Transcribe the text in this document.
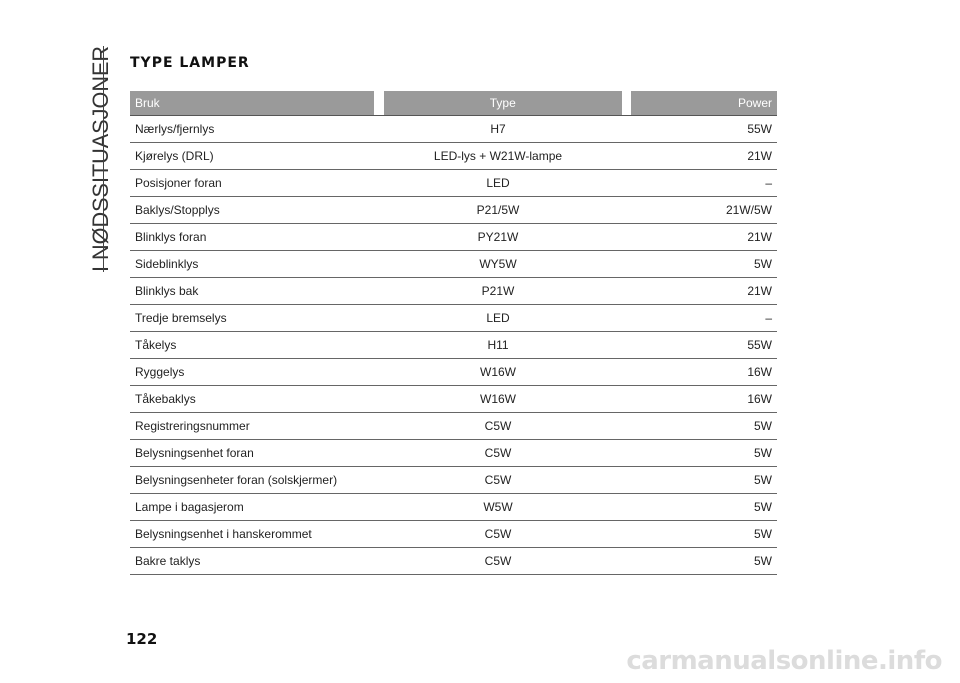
I NØDSSITUASJONER TYPE LAMPER
Bruk		Type		Power
Nærlys/fjernlys	H7		55W	
Kjørelys (DRL)	LED-lys + W21W-lampe		21W	
Posisjoner foran	LED		–	
Baklys/Stopplys	P21/5W		21W/5W	
Blinklys foran	PY21W		21W	
Sideblinklys	WY5W		5W	
Blinklys bak	P21W		21W	
Tredje bremselys	LED		–	
Tåkelys	H11		55W	
Ryggelys	W16W		16W	
Tåkebaklys	W16W		16W	
Registreringsnummer	C5W		5W	
Belysningsenhet foran	C5W		5W	
Belysningsenheter foran (solskjermer)	C5W		5W	
Lampe i bagasjerom	W5W		5W	
Belysningsenhet i hanskerommet	C5W		5W	
Bakre taklys	C5W		5W	
122
carmanualsonline.info
